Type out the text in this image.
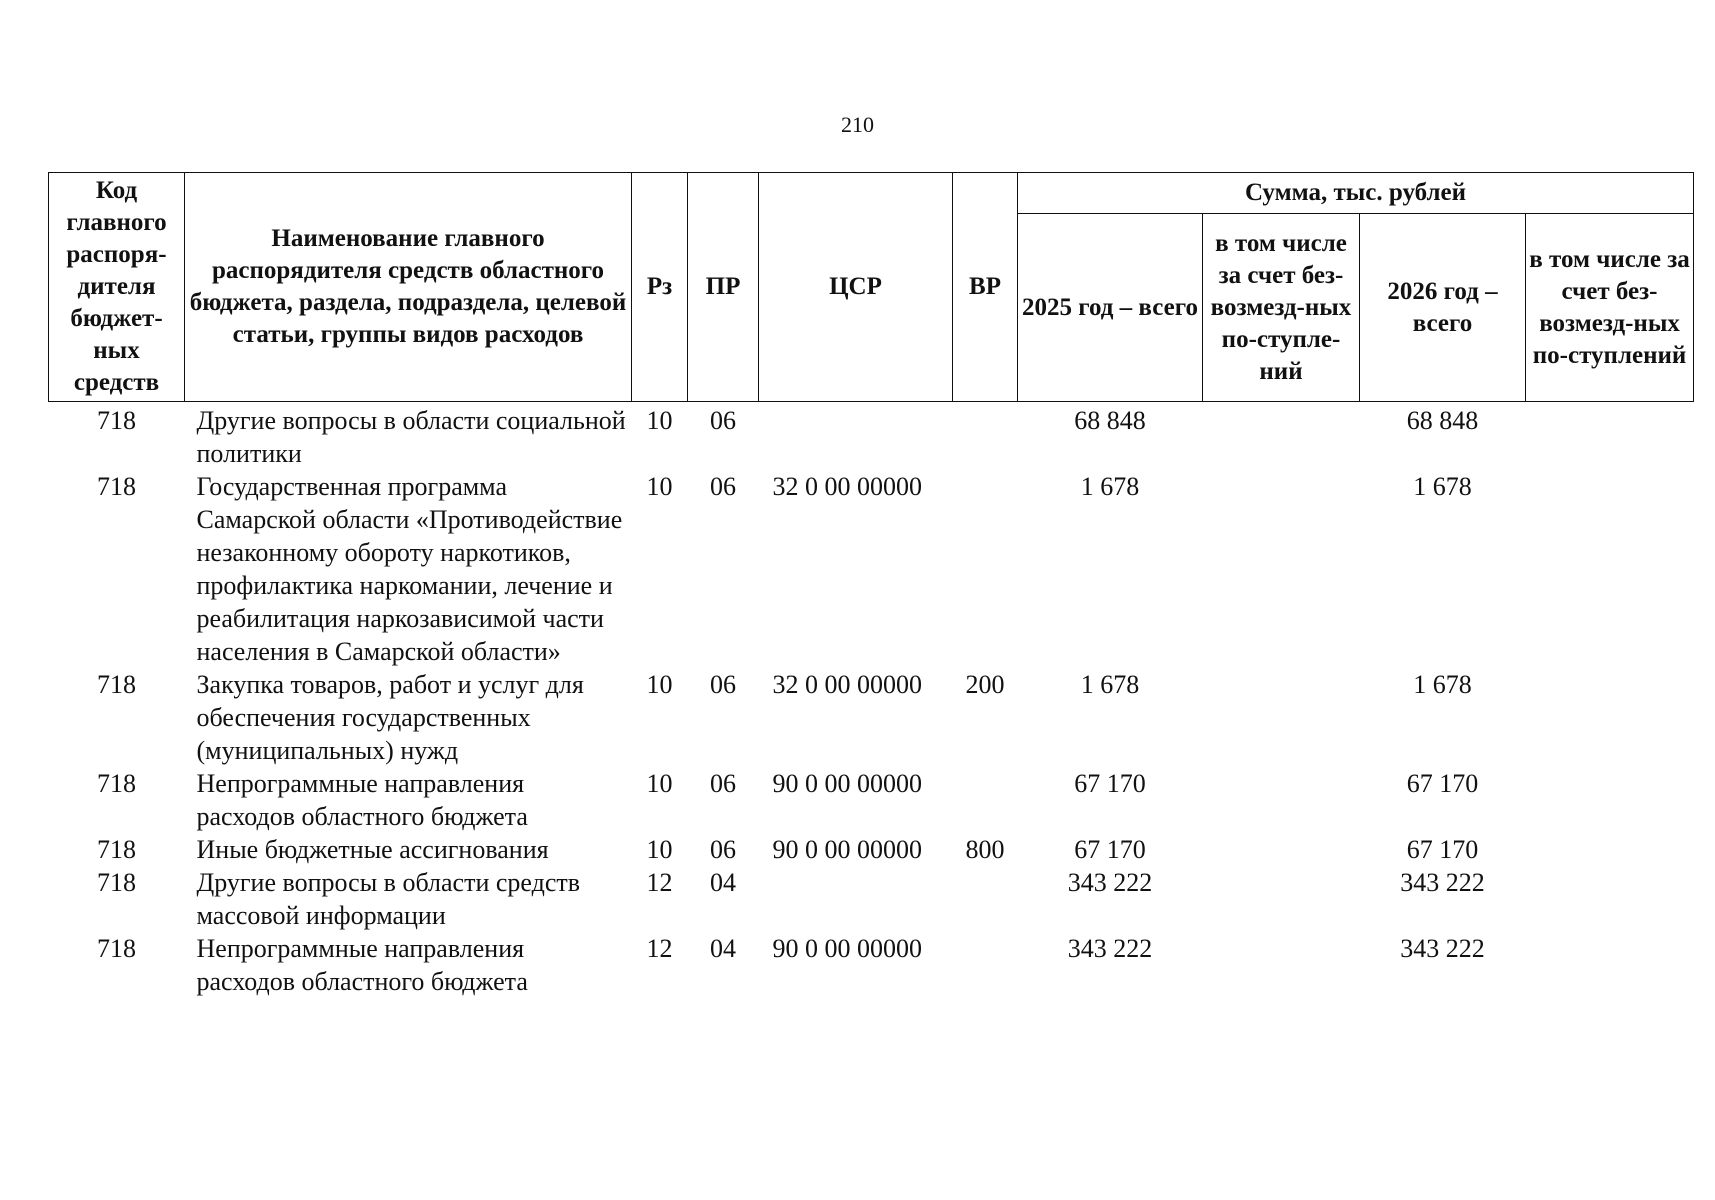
210
Код главного распоря-дителя бюджет-ных средств	Наименование главного распорядителя средств областного бюджета, раздела, подраздела, целевой статьи, группы видов расходов	Рз	ПР	ЦСР	ВР	Сумма, тыс. рублей			
						2025 год – всего	в том числе за счет без-возмезд-ных по-ступле-ний	2026 год – всего	в том числе за счет без-возмезд-ных по-ступлений
718	Другие вопросы в области социальной политики	10	06			68 848		68 848	
718	Государственная программа Самарской области «Противодействие незаконному обороту наркотиков, профилактика наркомании, лечение и реабилитация наркозависимой части населения в Самарской области»	10	06	32 0 00 00000		1 678		1 678	
718	Закупка товаров, работ и услуг для обеспечения государственных (муниципальных) нужд	10	06	32 0 00 00000	200	1 678		1 678	
718	Непрограммные направления расходов областного бюджета	10	06	90 0 00 00000		67 170		67 170	
718	Иные бюджетные ассигнования	10	06	90 0 00 00000	800	67 170		67 170	
718	Другие вопросы в области средств массовой информации	12	04			343 222		343 222	
718	Непрограммные направления расходов областного бюджета	12	04	90 0 00 00000		343 222		343 222	
